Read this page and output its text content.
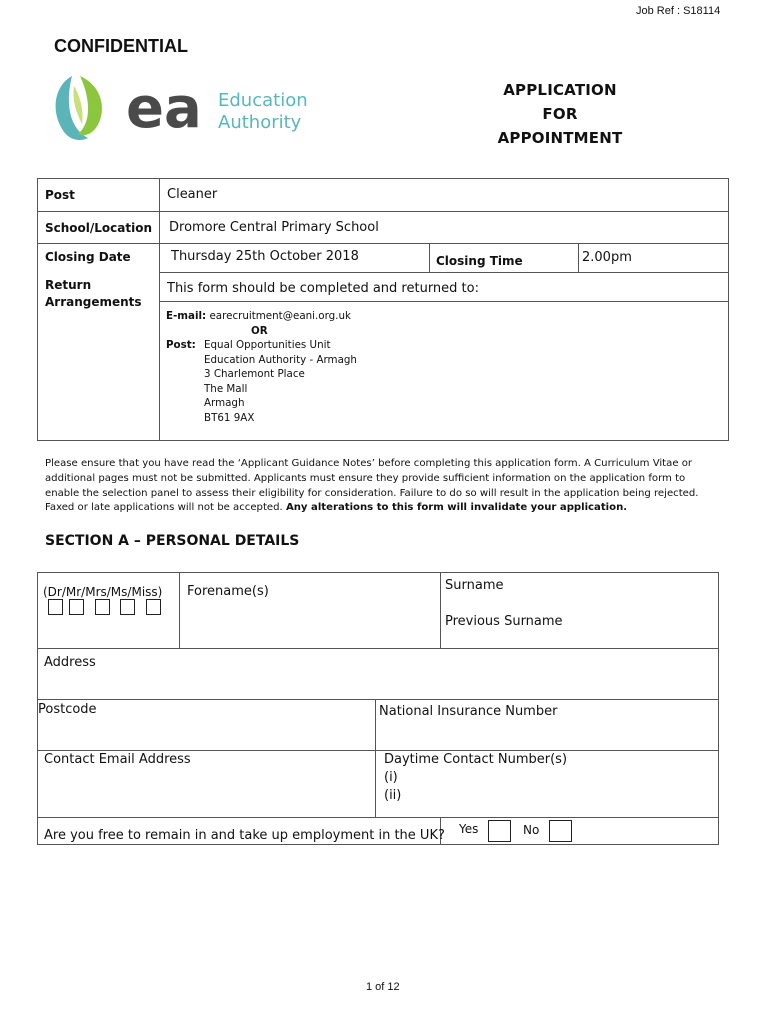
Job Ref : S18114
CONFIDENTIAL
ea Education
Authority
APPLICATION
FOR
APPOINTMENT
Post	Cleaner
School/Location Dromore Central Primary School
Closing Date	Thursday 25th October 2018	Closing Time	2.00pm
Return
Arrangements
This form should be completed and returned to:
E-mail: earecruitment@eani.org.uk
OR
Post: Equal Opportunities Unit
Education Authority - Armagh
3 Charlemont Place
The Mall
Armagh
BT61 9AX
Please ensure that you have read the ‘Applicant Guidance Notes’ before completing this application form. A Curriculum Vitae or additional pages must not be submitted. Applicants must ensure they provide sufficient information on the application form to enable the selection panel to assess their eligibility for consideration. Failure to do so will result in the application being rejected. Faxed or late applications will not be accepted. Any alterations to this form will invalidate your application.
SECTION A – PERSONAL DETAILS
(Dr/Mr/Mrs/Ms/Miss) Forename(s)	Surname
Previous Surname
Address
Postcode	National Insurance Number
Contact Email Address	Daytime Contact Number(s)
(i)
(ii)
Are you free to remain in and take up employment in the UK? Yes	No
1 of 12
